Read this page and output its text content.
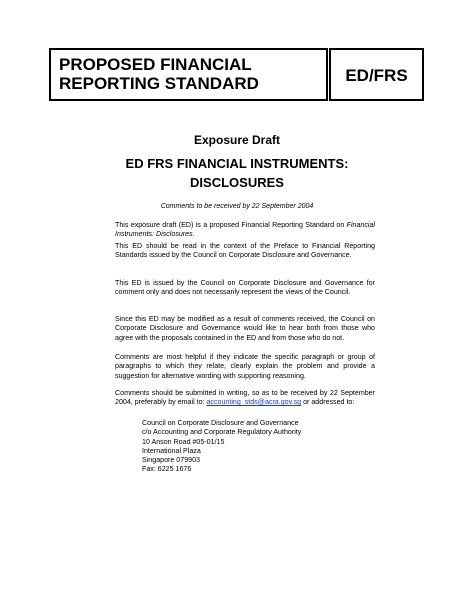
PROPOSED FINANCIAL
REPORTING STANDARD	ED/FRS
Exposure Draft
ED FRS FINANCIAL INSTRUMENTS:
DISCLOSURES
Comments to be received by 22 September 2004
This exposure draft (ED) is a proposed Financial Reporting Standard on Financial Instruments: Disclosures.
This ED should be read in the context of the Preface to Financial Reporting Standards issued by the Council on Corporate Disclosure and Governance.
This ED is issued by the Council on Corporate Disclosure and Governance for comment only and does not necessarily represent the views of the Council.
Since this ED may be modified as a result of comments received, the Council on Corporate Disclosure and Governance would like to hear both from those who agree with the proposals contained in the ED and from those who do not.
Comments are most helpful if they indicate the specific paragraph or group of paragraphs to which they relate, clearly explain the problem and provide a suggestion for alternative wording with supporting reasoning.
Comments should be submitted in writing, so as to be received by 22 September 2004, preferably by email to: accounting_stds@acra.gov.sg or addressed to:
Council on Corporate Disclosure and Governance
c/o Accounting and Corporate Regulatory Authority
10 Anson Road #05-01/15
International Plaza
Singapore 079903
Fax: 6225 1676
